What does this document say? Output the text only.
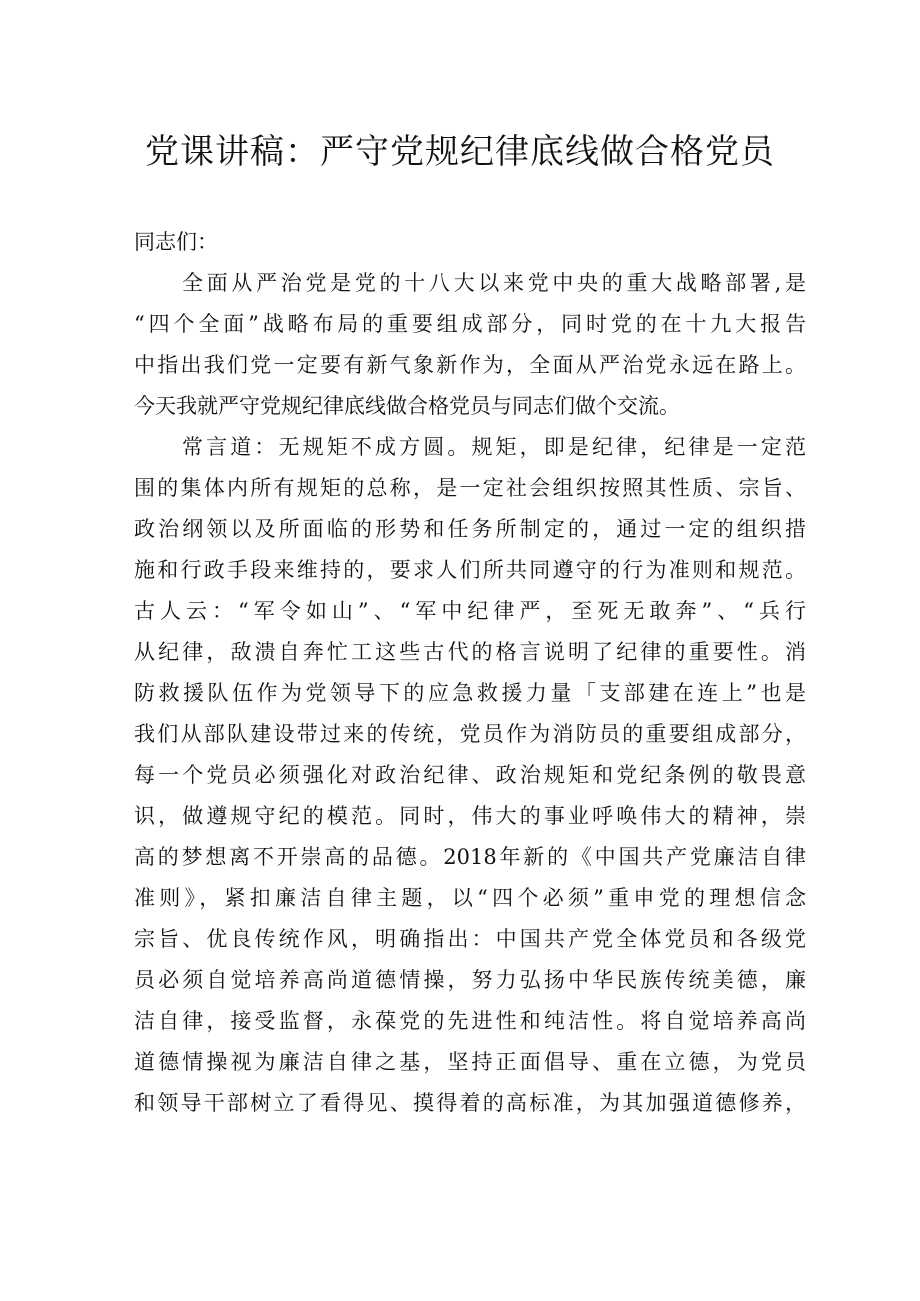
党课讲稿：严守党规纪律底线做合格党员
同志们：
全面从严治党是党的十八大以来党中央的重大战略部署,是
“四个全面”战略布局的重要组成部分，同时党的在十九大报告
中指出我们党一定要有新气象新作为，全面从严治党永远在路上。
今天我就严守党规纪律底线做合格党员与同志们做个交流。
常言道：无规矩不成方圆。规矩，即是纪律，纪律是一定范
围的集体内所有规矩的总称，是一定社会组织按照其性质、宗旨、
政治纲领以及所面临的形势和任务所制定的，通过一定的组织措
施和行政手段来维持的，要求人们所共同遵守的行为准则和规范。
古人云：“军令如山”、“军中纪律严，至死无敢奔”、“兵行
从纪律，敌溃自奔忙工这些古代的格言说明了纪律的重要性。消
防救援队伍作为党领导下的应急救援力量「支部建在连上”也是
我们从部队建设带过来的传统，党员作为消防员的重要组成部分，
每一个党员必须强化对政治纪律、政治规矩和党纪条例的敬畏意
识，做遵规守纪的模范。同时，伟大的事业呼唤伟大的精神，崇
高的梦想离不开崇高的品德。2018年新的《中国共产党廉洁自律
准则》，紧扣廉洁自律主题，以“四个必须”重申党的理想信念
宗旨、优良传统作风，明确指出：中国共产党全体党员和各级党
员必须自觉培养高尚道德情操，努力弘扬中华民族传统美德，廉
洁自律，接受监督，永葆党的先进性和纯洁性。将自觉培养高尚
道德情操视为廉洁自律之基，坚持正面倡导、重在立德，为党员
和领导干部树立了看得见、摸得着的高标准，为其加强道德修养，
